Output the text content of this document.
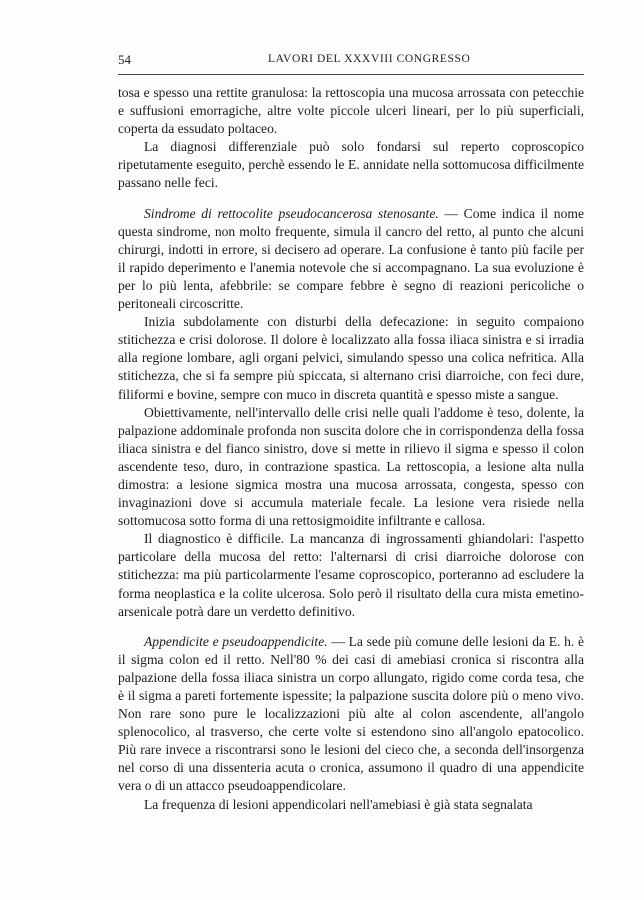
54	LAVORI DEL XXXVIII CONGRESSO

tosa e spesso una rettite granulosa: la rettoscopia una mucosa arrossata con petecchie e suffusioni emorragiche, altre volte piccole ulceri lineari, per lo più superficiali, coperta da essudato poltaceo.

La diagnosi differenziale può solo fondarsi sul reperto coproscopico ripetutamente eseguito, perchè essendo le E. annidate nella sottomucosa difficilmente passano nelle feci.

Sindrome di rettocolite pseudocancerosa stenosante. — Come indica il nome questa sindrome, non molto frequente, simula il cancro del retto, al punto che alcuni chirurgi, indotti in errore, si decisero ad operare. La confusione è tanto più facile per il rapido deperimento e l'anemia notevole che si accompagnano. La sua evoluzione è per lo più lenta, afebbrile: se compare febbre è segno di reazioni pericoliche o peritoneali circoscritte.

Inizia subdolamente con disturbi della defecazione: in seguito compaiono stitichezza e crisi dolorose. Il dolore è localizzato alla fossa iliaca sinistra e si irradia alla regione lombare, agli organi pelvici, simulando spesso una colica nefritica. Alla stitichezza, che si fa sempre più spiccata, si alternano crisi diarroiche, con feci dure, filiformi e bovine, sempre con muco in discreta quantità e spesso miste a sangue.

Obiettivamente, nell'intervallo delle crisi nelle quali l'addome è teso, dolente, la palpazione addominale profonda non suscita dolore che in corrispondenza della fossa iliaca sinistra e del fianco sinistro, dove si mette in rilievo il sigma e spesso il colon ascendente teso, duro, in contrazione spastica. La rettoscopia, a lesione alta nulla dimostra: a lesione sigmica mostra una mucosa arrossata, congesta, spesso con invaginazioni dove si accumula materiale fecale. La lesione vera risiede nella sottomucosa sotto forma di una rettosigmoidite infiltrante e callosa.

Il diagnostico è difficile. La mancanza di ingrossamenti ghiandolari: l'aspetto particolare della mucosa del retto: l'alternarsi di crisi diarroiche dolorose con stitichezza: ma più particolarmente l'esame coproscopico, porteranno ad escludere la forma neoplastica e la colite ulcerosa. Solo però il risultato della cura mista emetino-arsenicale potrà dare un verdetto definitivo.

Appendicite e pseudoappendicite. — La sede più comune delle lesioni da E. h. è il sigma colon ed il retto. Nell'80 % dei casi di amebiasi cronica si riscontra alla palpazione della fossa iliaca sinistra un corpo allungato, rigido come corda tesa, che è il sigma a pareti fortemente ispessite; la palpazione suscita dolore più o meno vivo. Non rare sono pure le localizzazioni più alte al colon ascendente, all'angolo splenocolico, al trasverso, che certe volte si estendono sino all'angolo epatocolico. Più rare invece a riscontrarsi sono le lesioni del cieco che, a seconda dell'insorgenza nel corso di una dissenteria acuta o cronica, assumono il quadro di una appendicite vera o di un attacco pseudoappendicolare.

La frequenza di lesioni appendicolari nell'amebiasi è già stata segnalata
